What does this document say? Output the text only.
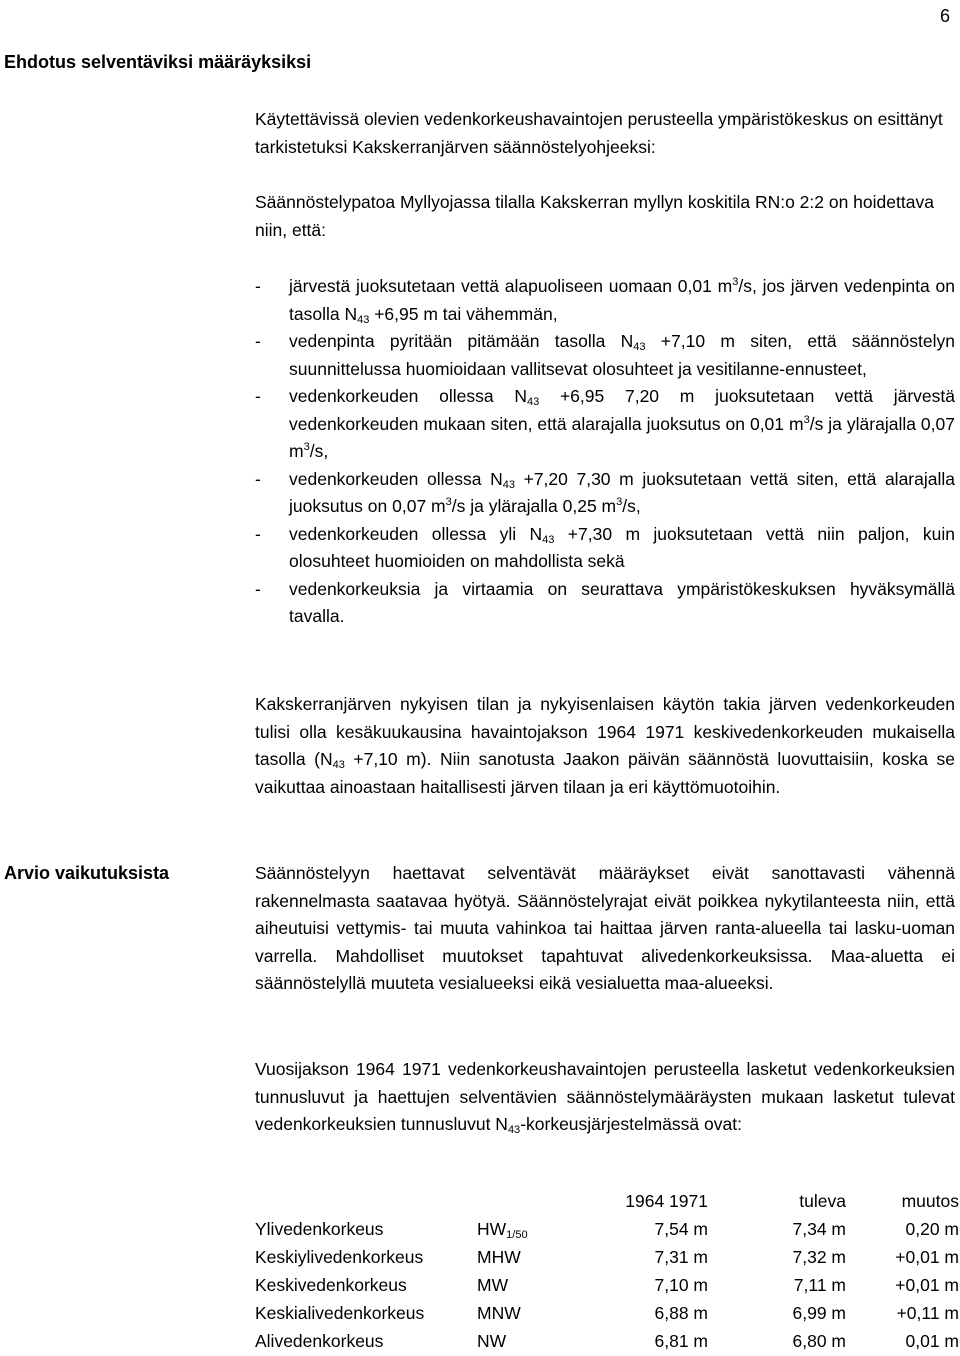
6
Ehdotus selventäviksi määräyksiksi
Arvio vaikutuksista

Käytettävissä olevien vedenkorkeushavaintojen perusteella ympäristökeskus on esittänyt tarkistetuksi Kakskerranjärven säännöstelyohjeeksi:

Säännöstelypatoa Myllyojassa tilalla Kakskerran myllyn koskitila RN:o 2:2 on hoidettava niin, että:

- järvestä juoksutetaan vettä alapuoliseen uomaan 0,01 $m^3/s$, jos järven vedenpinta on tasolla $N_{43} +6,95$ m tai vähemmän,
- vedenpinta pyritään pitämään tasolla $N_{43} +7,10$ m siten, että säännöstelyn suunnittelussa huomioidaan vallitsevat olosuhteet ja vesitilanne-ennusteet,
- vedenkorkeuden ollessa $N_{43} +6,95$ 7,20 m juoksutetaan vettä järvestä vedenkorkeuden mukaan siten, että alarajalla juoksutus on 0,01 $m^3/s$ ja ylärajalla 0,07 $m^3/s$,
- vedenkorkeuden ollessa $N_{43} +7,20$ 7,30 m juoksutetaan vettä siten, että alarajalla juoksutus on 0,07 $m^3/s$ ja ylärajalla 0,25 $m^3/s$,
- vedenkorkeuden ollessa yli $N_{43} +7,30$ m juoksutetaan vettä niin paljon, kuin olosuhteet huomioiden on mahdollista sekä
- vedenkorkeuksia ja virtaamia on seurattava ympäristökeskuksen hyväksymällä tavalla.

Kakskerranjärven nykyisen tilan ja nykyisenlaisen käytön takia järven vedenkorkeuden tulisi olla kesäkuukausina havaintojakson 1964 1971 keskivedenkorkeuden mukaisella tasolla ($N_{43} +7,10$ m). Niin sanotusta Jaakon päivän säännöstä luovuttaisiin, koska se vaikuttaa ainoastaan haitallisesti järven tilaan ja eri käyttömuotoihin.

Säännöstelyyn haettavat selventävät määräykset eivät sanottavasti vähennä rakennelmasta saatavaa hyötyä. Säännöstelyrajat eivät poikkea nykytilanteesta niin, että aiheutuisi vettymis- tai muuta vahinkoa tai haittaa järven ranta-alueella tai lasku-uoman varrella. Mahdolliset muutokset tapahtuvat alivedenkorkeuksissa. Maa-aluetta ei säännöstelyllä muuteta vesialueeksi eikä vesialuetta maa-alueeksi.

Vuosijakson 1964 1971 vedenkorkeushavaintojen perusteella lasketut vedenkorkeuksien tunnusluvut ja haettujen selventävien säännöstelymääräysten mukaan lasketut tulevat vedenkorkeuksien tunnusluvut $N_{43}$-korkeusjärjestelmässä ovat:

		1964 1971	tuleva	muutos
Ylivedenkorkeus	$HW_{1/50}$	7,54 m	7,34 m	0,20 m
Keskiylivedenkorkeus	MHW	7,31 m	7,32 m	+0,01 m
Keskivedenkorkeus	MW	7,10 m	7,11 m	+0,01 m
Keskialivedenkorkeus	MNW	6,88 m	6,99 m	+0,11 m
Alivedenkorkeus	NW	6,81 m	6,80 m	0,01 m
